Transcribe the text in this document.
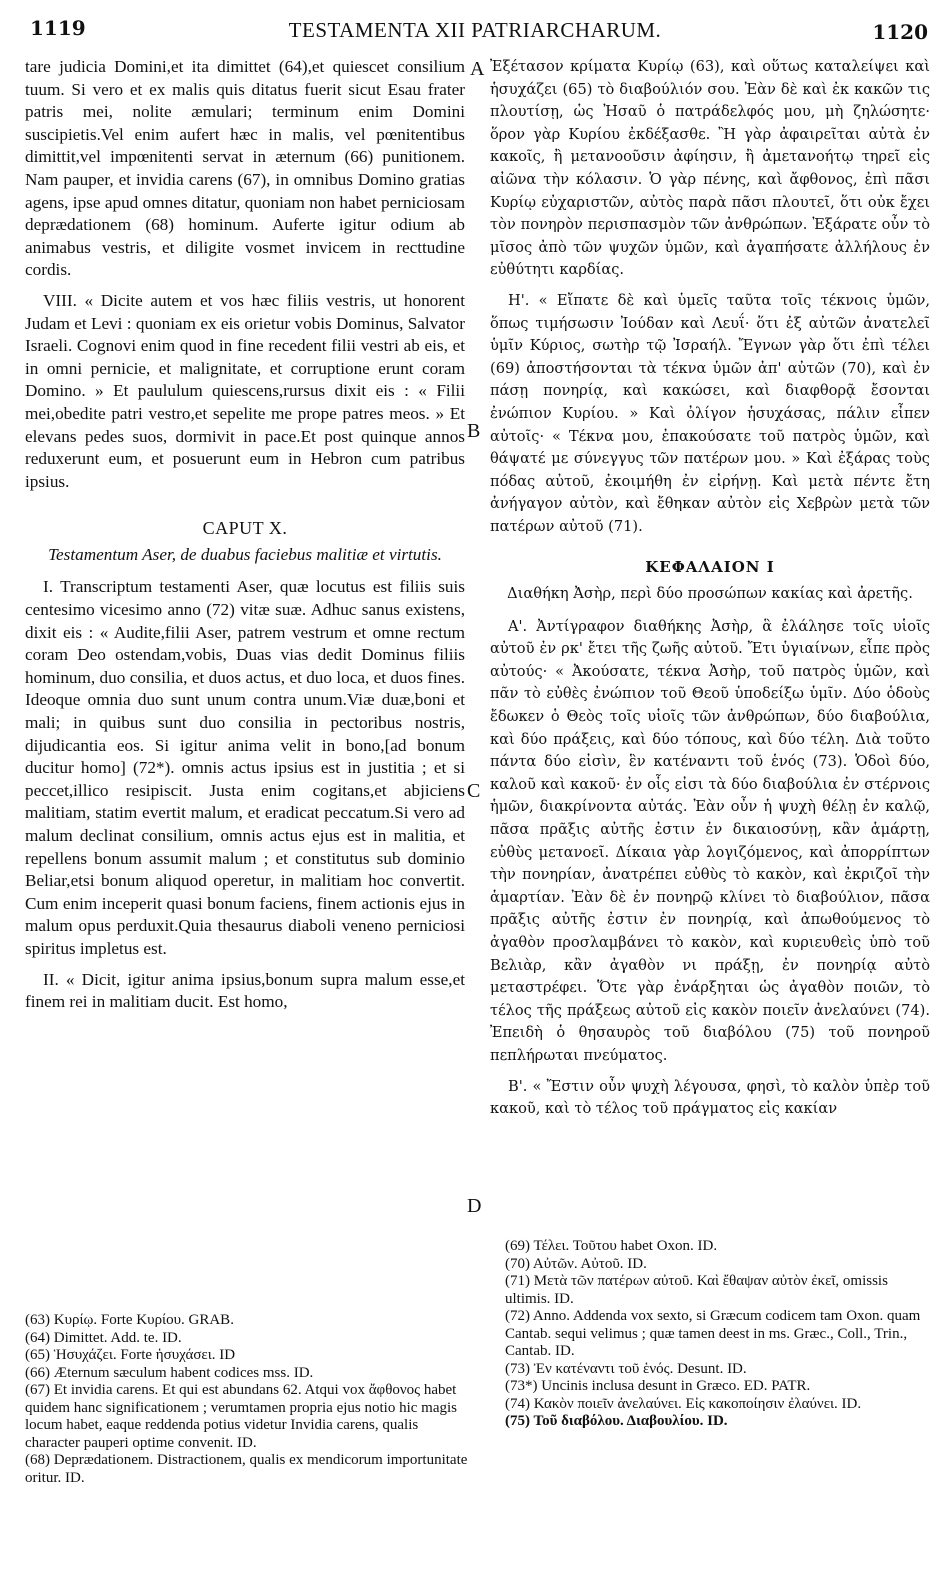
1119	TESTAMENTA XII PATRIARCHARUM.	1120

tare judicia Domini,et ita dimittet (64),et quiescet consilium tuum. Si vero et ex malis quis ditatus fuerit sicut Esau frater patris mei, nolite æmulari; terminum enim Domini suscipietis.Vel enim aufert hæc in malis, vel pœnitentibus dimittit,vel impœnitenti servat in æternum (66) punitionem. Nam pauper, et invidia carens (67), in omnibus Domino gratias agens, ipse apud omnes ditatur, quoniam non habet perniciosam deprædationem (68) hominum. Auferte igitur odium ab animabus vestris, et diligite vosmet invicem in recttudine cordis.

VIII. « Dicite autem et vos hæc filiis vestris, ut honorent Judam et Levi : quoniam ex eis orietur vobis Dominus, Salvator Israeli. Cognovi enim quod in fine recedent filii vestri ab eis, et in omni pernicie, et malignitate, et corruptione erunt coram Domino. » Et paululum quiescens,rursus dixit eis : « Filii mei,obedite patri vestro,et sepelite me prope patres meos. » Et elevans pedes suos, dormivit in pace.Et post quinque annos reduxerunt eum, et posuerunt eum in Hebron cum patribus ipsius.

CAPUT X.
Testamentum Aser, de duabus faciebus malitiæ et virtutis.

I. Transcriptum testamenti Aser, quæ locutus est filiis suis centesimo vicesimo anno (72) vitæ suæ. Adhuc sanus existens, dixit eis : « Audite,filii Aser, patrem vestrum et omne rectum coram Deo ostendam,vobis, Duas vias dedit Dominus filiis hominum, duo consilia, et duos actus, et duo loca, et duos fines. Ideoque omnia duo sunt unum contra unum.Viæ duæ,boni et mali; in quibus sunt duo consilia in pectoribus nostris, dijudicantia eos. Si igitur anima velit in bono,[ad bonum ducitur homo] (72*). omnis actus ipsius est in justitia ; et si peccet,illico resipiscit. Justa enim cogitans,et abjiciens malitiam, statim evertit malum, et eradicat peccatum.Si vero ad malum declinat consilium, omnis actus ejus est in malitia, et repellens bonum assumit malum ; et constitutus sub dominio Beliar,etsi bonum aliquod operetur, in malitiam hoc convertit. Cum enim inceperit quasi bonum faciens, finem actionis ejus in malum opus perduxit.Quia thesaurus diaboli veneno perniciosi spiritus impletus est.

II. « Dicit, igitur anima ipsius,bonum supra malum esse,et finem rei in malitiam ducit. Est homo,

Ἐξέτασον κρίματα Κυρίῳ (63), καὶ οὕτως καταλείψει καὶ ἡσυχάζει (65) τὸ διαβούλιόν σου. Ἐὰν δὲ καὶ ἐκ κακῶν τις πλουτίσῃ, ὡς Ἠσαῦ ὁ πατράδελφός μου, μὴ ζηλώσητε· ὅρον γὰρ Κυρίου ἐκδέξασθε. Ἢ γὰρ ἀφαιρεῖται αὐτὰ ἐν κακοῖς, ἢ μετανοοῦσιν ἀφίησιν, ἢ ἀμετανοήτῳ τηρεῖ εἰς αἰῶνα τὴν κόλασιν. Ὁ γὰρ πένης, καὶ ἄφθονος, ἐπὶ πᾶσι Κυρίῳ εὐχαριστῶν, αὐτὸς παρὰ πᾶσι πλουτεῖ, ὅτι οὐκ ἔχει τὸν πονηρὸν περισπασμὸν τῶν ἀνθρώπων. Ἐξάρατε οὖν τὸ μῖσος ἀπὸ τῶν ψυχῶν ὑμῶν, καὶ ἀγαπήσατε ἀλλήλους ἐν εὐθύτητι καρδίας.

Η'. « Εἴπατε δὲ καὶ ὑμεῖς ταῦτα τοῖς τέκνοις ὑμῶν, ὅπως τιμήσωσιν Ἰούδαν καὶ Λευΐ· ὅτι ἐξ αὐτῶν ἀνατελεῖ ὑμῖν Κύριος, σωτὴρ τῷ Ἰσραήλ. Ἔγνων γὰρ ὅτι ἐπὶ τέλει (69) ἀποστήσονται τὰ τέκνα ὑμῶν ἀπ' αὐτῶν (70), καὶ ἐν πάσῃ πονηρίᾳ, καὶ κακώσει, καὶ διαφθορᾷ ἔσονται ἐνώπιον Κυρίου. » Καὶ ὀλίγον ἡσυχάσας, πάλιν εἶπεν αὐτοῖς· « Τέκνα μου, ἐπακούσατε τοῦ πατρὸς ὑμῶν, καὶ θάψατέ με σύνεγγυς τῶν πατέρων μου. » Καὶ ἐξάρας τοὺς πόδας αὐτοῦ, ἐκοιμήθη ἐν εἰρήνῃ. Καὶ μετὰ πέντε ἔτη ἀνήγαγον αὐτὸν, καὶ ἔθηκαν αὐτὸν εἰς Χεβρὼν μετὰ τῶν πατέρων αὐτοῦ (71).

ΚΕΦΑΛΑΙΟΝ Ι
Διαθήκη Ἀσὴρ, περὶ δύο προσώπων κακίας καὶ ἀρετῆς.

Α'. Ἀντίγραφον διαθήκης Ἀσὴρ, ἃ ἐλάλησε τοῖς υἱοῖς αὐτοῦ ἐν ρκ' ἔτει τῆς ζωῆς αὐτοῦ. Ἔτι ὑγιαίνων, εἶπε πρὸς αὐτούς· « Ἀκούσατε, τέκνα Ἀσὴρ, τοῦ πατρὸς ὑμῶν, καὶ πᾶν τὸ εὐθὲς ἐνώπιον τοῦ Θεοῦ ὑποδείξω ὑμῖν. Δύο ὁδοὺς ἔδωκεν ὁ Θεὸς τοῖς υἱοῖς τῶν ἀνθρώπων, δύο διαβούλια, καὶ δύο πράξεις, καὶ δύο τόπους, καὶ δύο τέλη. Διὰ τοῦτο πάντα δύο εἰσὶν, ἓν κατέναντι τοῦ ἑνός (73). Ὁδοὶ δύο, καλοῦ καὶ κακοῦ· ἐν οἷς εἰσι τὰ δύο διαβούλια ἐν στέρνοις ἡμῶν, διακρίνοντα αὐτάς. Ἐὰν οὖν ἡ ψυχὴ θέλῃ ἐν καλῷ, πᾶσα πρᾶξις αὐτῆς ἐστιν ἐν δικαιοσύνῃ, κἂν ἁμάρτῃ, εὐθὺς μετανοεῖ. Δίκαια γὰρ λογιζόμενος, καὶ ἀπορρίπτων τὴν πονηρίαν, ἀνατρέπει εὐθὺς τὸ κακὸν, καὶ ἐκριζοῖ τὴν ἁμαρτίαν. Ἐὰν δὲ ἐν πονηρῷ κλίνει τὸ διαβούλιον, πᾶσα πρᾶξις αὐτῆς ἐστιν ἐν πονηρίᾳ, καὶ ἀπωθούμενος τὸ ἀγαθὸν προσλαμβάνει τὸ κακὸν, καὶ κυριευθεὶς ὑπὸ τοῦ Βελιὰρ, κἂν ἀγαθὸν νι πράξῃ, ἐν πονηρίᾳ αὐτὸ μεταστρέφει. Ὅτε γὰρ ἐνάρξηται ὡς ἀγαθὸν ποιῶν, τὸ τέλος τῆς πράξεως αὐτοῦ εἰς κακὸν ποιεῖν ἀνελαύνει (74). Ἐπειδὴ ὁ θησαυρὸς τοῦ διαβόλου (75) τοῦ πονηροῦ πεπλήρωται πνεύματος.

Β'. « Ἔστιν οὖν ψυχὴ λέγουσα, φησὶ, τὸ καλὸν ὑπὲρ τοῦ κακοῦ, καὶ τὸ τέλος τοῦ πράγματος εἰς κακίαν

A
B
C
D
(63) Κυρίῳ. Forte Κυρίου. GRAB.
(64) Dimittet. Add. te. ID.
(65) Ἡσυχάζει. Forte ἡσυχάσει. ID
(66) Æternum sæculum habent codices mss. ID.
(67) Et invidia carens. Et qui est abundans 62. Atqui vox ἄφθονος habet quidem hanc significationem ; verumtamen propria ejus notio hic magis locum habet, eaque reddenda potius videtur Invidia carens, qualis character pauperi optime convenit. ID.
(68) Deprædationem. Distractionem, qualis ex mendicorum importunitate oritur. ID.
(69) Τέλει. Τοῦτου habet Oxon. ID.
(70) Αὐτῶν. Αὐτοῦ. ID.
(71) Μετὰ τῶν πατέρων αὐτοῦ. Καὶ ἔθαψαν αὐτὸν ἐκεῖ, omissis ultimis. ID.
(72) Anno. Addenda vox sexto, si Græcum codicem tam Oxon. quam Cantab. sequi velimus ; quæ tamen deest in ms. Græc., Coll., Trin., Cantab. ID.
(73) Ἐν κατέναντι τοῦ ἑνός. Desunt. ID.
(73*) Uncinis inclusa desunt in Græco. ED. PATR.
(74) Κακὸν ποιεῖν ἀνελαύνει. Εἰς κακοποίησιν ἐλαύνει. ID.
(75) Τοῦ διαβόλου. Διαβουλίου. ID.
